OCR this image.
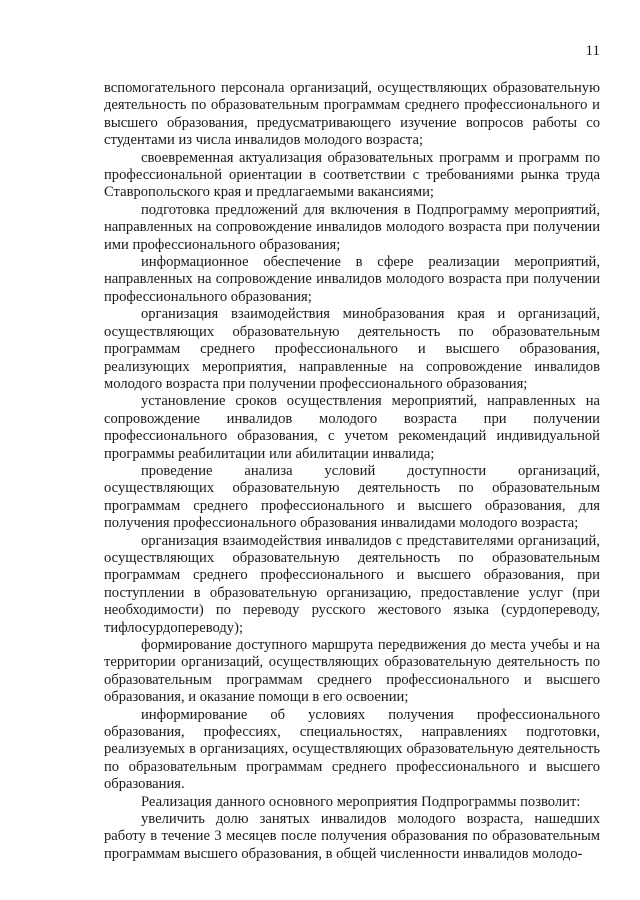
11

вспомогательного персонала организаций, осуществляющих образовательную деятельность по образовательным программам среднего профессионального и высшего образования, предусматривающего изучение вопросов работы со студентами из числа инвалидов молодого возраста;

своевременная актуализация образовательных программ и программ по профессиональной ориентации в соответствии с требованиями рынка труда Ставропольского края и предлагаемыми вакансиями;

подготовка предложений для включения в Подпрограмму мероприятий, направленных на сопровождение инвалидов молодого возраста при получении ими профессионального образования;

информационное обеспечение в сфере реализации мероприятий, направленных на сопровождение инвалидов молодого возраста при получении профессионального образования;

организация взаимодействия минобразования края и организаций, осуществляющих образовательную деятельность по образовательным программам среднего профессионального и высшего образования, реализующих мероприятия, направленные на сопровождение инвалидов молодого возраста при получении профессионального образования;

установление сроков осуществления мероприятий, направленных на сопровождение инвалидов молодого возраста при получении профессионального образования, с учетом рекомендаций индивидуальной программы реабилитации или абилитации инвалида;

проведение анализа условий доступности организаций, осуществляющих образовательную деятельность по образовательным программам среднего профессионального и высшего образования, для получения профессионального образования инвалидами молодого возраста;

организация взаимодействия инвалидов с представителями организаций, осуществляющих образовательную деятельность по образовательным программам среднего профессионального и высшего образования, при поступлении в образовательную организацию, предоставление услуг (при необходимости) по переводу русского жестового языка (сурдопереводу, тифлосурдопереводу);

формирование доступного маршрута передвижения до места учебы и на территории организаций, осуществляющих образовательную деятельность по образовательным программам среднего профессионального и высшего образования, и оказание помощи в его освоении;

информирование об условиях получения профессионального образования, профессиях, специальностях, направлениях подготовки, реализуемых в организациях, осуществляющих образовательную деятельность по образовательным программам среднего профессионального и высшего образования.

Реализация данного основного мероприятия Подпрограммы позволит:

увеличить долю занятых инвалидов молодого возраста, нашедших работу в течение 3 месяцев после получения образования по образовательным программам высшего образования, в общей численности инвалидов молодо-
